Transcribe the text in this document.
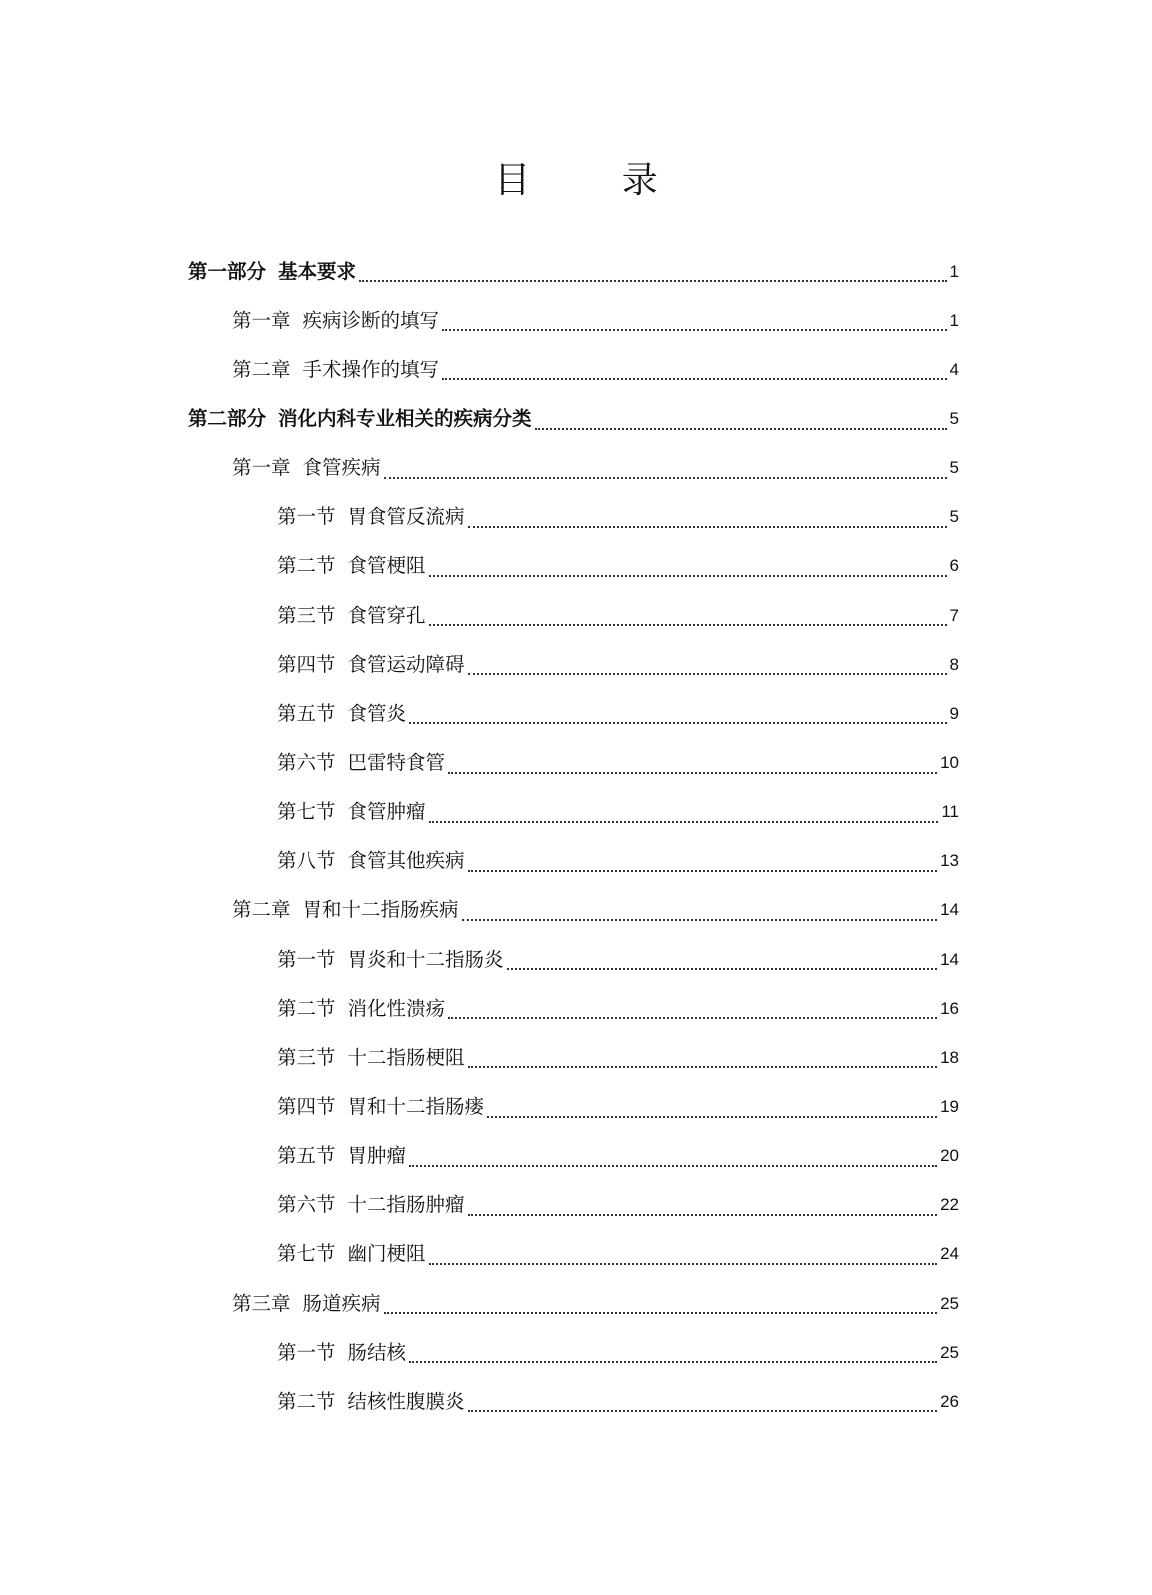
目 录
第一部分 基本要求	1
第一章 疾病诊断的填写	1
第二章 手术操作的填写	4
第二部分 消化内科专业相关的疾病分类	5
第一章 食管疾病	5
第一节 胃食管反流病	5
第二节 食管梗阻	6
第三节 食管穿孔	7
第四节 食管运动障碍	8
第五节 食管炎	9
第六节 巴雷特食管	10
第七节 食管肿瘤	11
第八节 食管其他疾病	13
第二章 胃和十二指肠疾病	14
第一节 胃炎和十二指肠炎	14
第二节 消化性溃疡	16
第三节 十二指肠梗阻	18
第四节 胃和十二指肠瘘	19
第五节 胃肿瘤	20
第六节 十二指肠肿瘤	22
第七节 幽门梗阻	24
第三章 肠道疾病	25
第一节 肠结核	25
第二节 结核性腹膜炎	26
